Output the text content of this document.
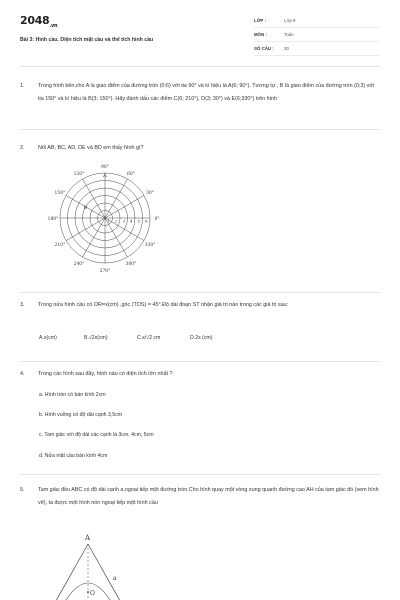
$2048_{.vn}$
Bài 3: Hình cầu. Diện tích mặt cầu và thể tích hình cầu
LỚP :	Lớp 9
MÔN :	Toán
SỐ CÂU : 20
1.	Trong hình bên,cho A là giao điểm của đường tròn (0;6) với tia 90° và kí hiệu là A(6; 90°). Tương tự , B là giao điểm của đường tròn (0;3) với tia 150° và kí hiệu là B(3; 150°). Hãy đánh dấu các điểm C(6; 210°), D(3; 30°) và E(6;330°) trên hình
2.	Nối AB, BC, AD, DE và BD em thấy hình gì?
90°
60°
30°
0°
330°
300°
270°
240°
210°
180°
150°
120°
1 2 3 4 5 6
A
B
3.	Trong nửa hình cầu có OR=x(cm) ,góc (TOS) = 45°.Độ dài đoạn ST nhận giá trị nào trong các giá trị sau:
A.x(cm)	B.√2x(cm)	C.x/√2 cm	D.2x (cm)
4.	Trong các hình sau đây, hình nào có diện tích lớn nhất ?
a. Hình tròn có bán kính 2cm
b. Hình vuông có độ dài cạnh 3,5cm
c. Tam giác với độ dài các cạnh là 3cm, 4cm, 5cm
d. Nửa mặt cầu bán kính 4cm
5.	Tam giác đều ABC có độ dài cạnh a,ngoại tiếp một đường tròn.Cho hình quay một vòng xung quanh đường cao AH của tam giác đó (xem hình vẽ), ta được một hình nón ngoại tiếp một hình cầu
A
a
O
